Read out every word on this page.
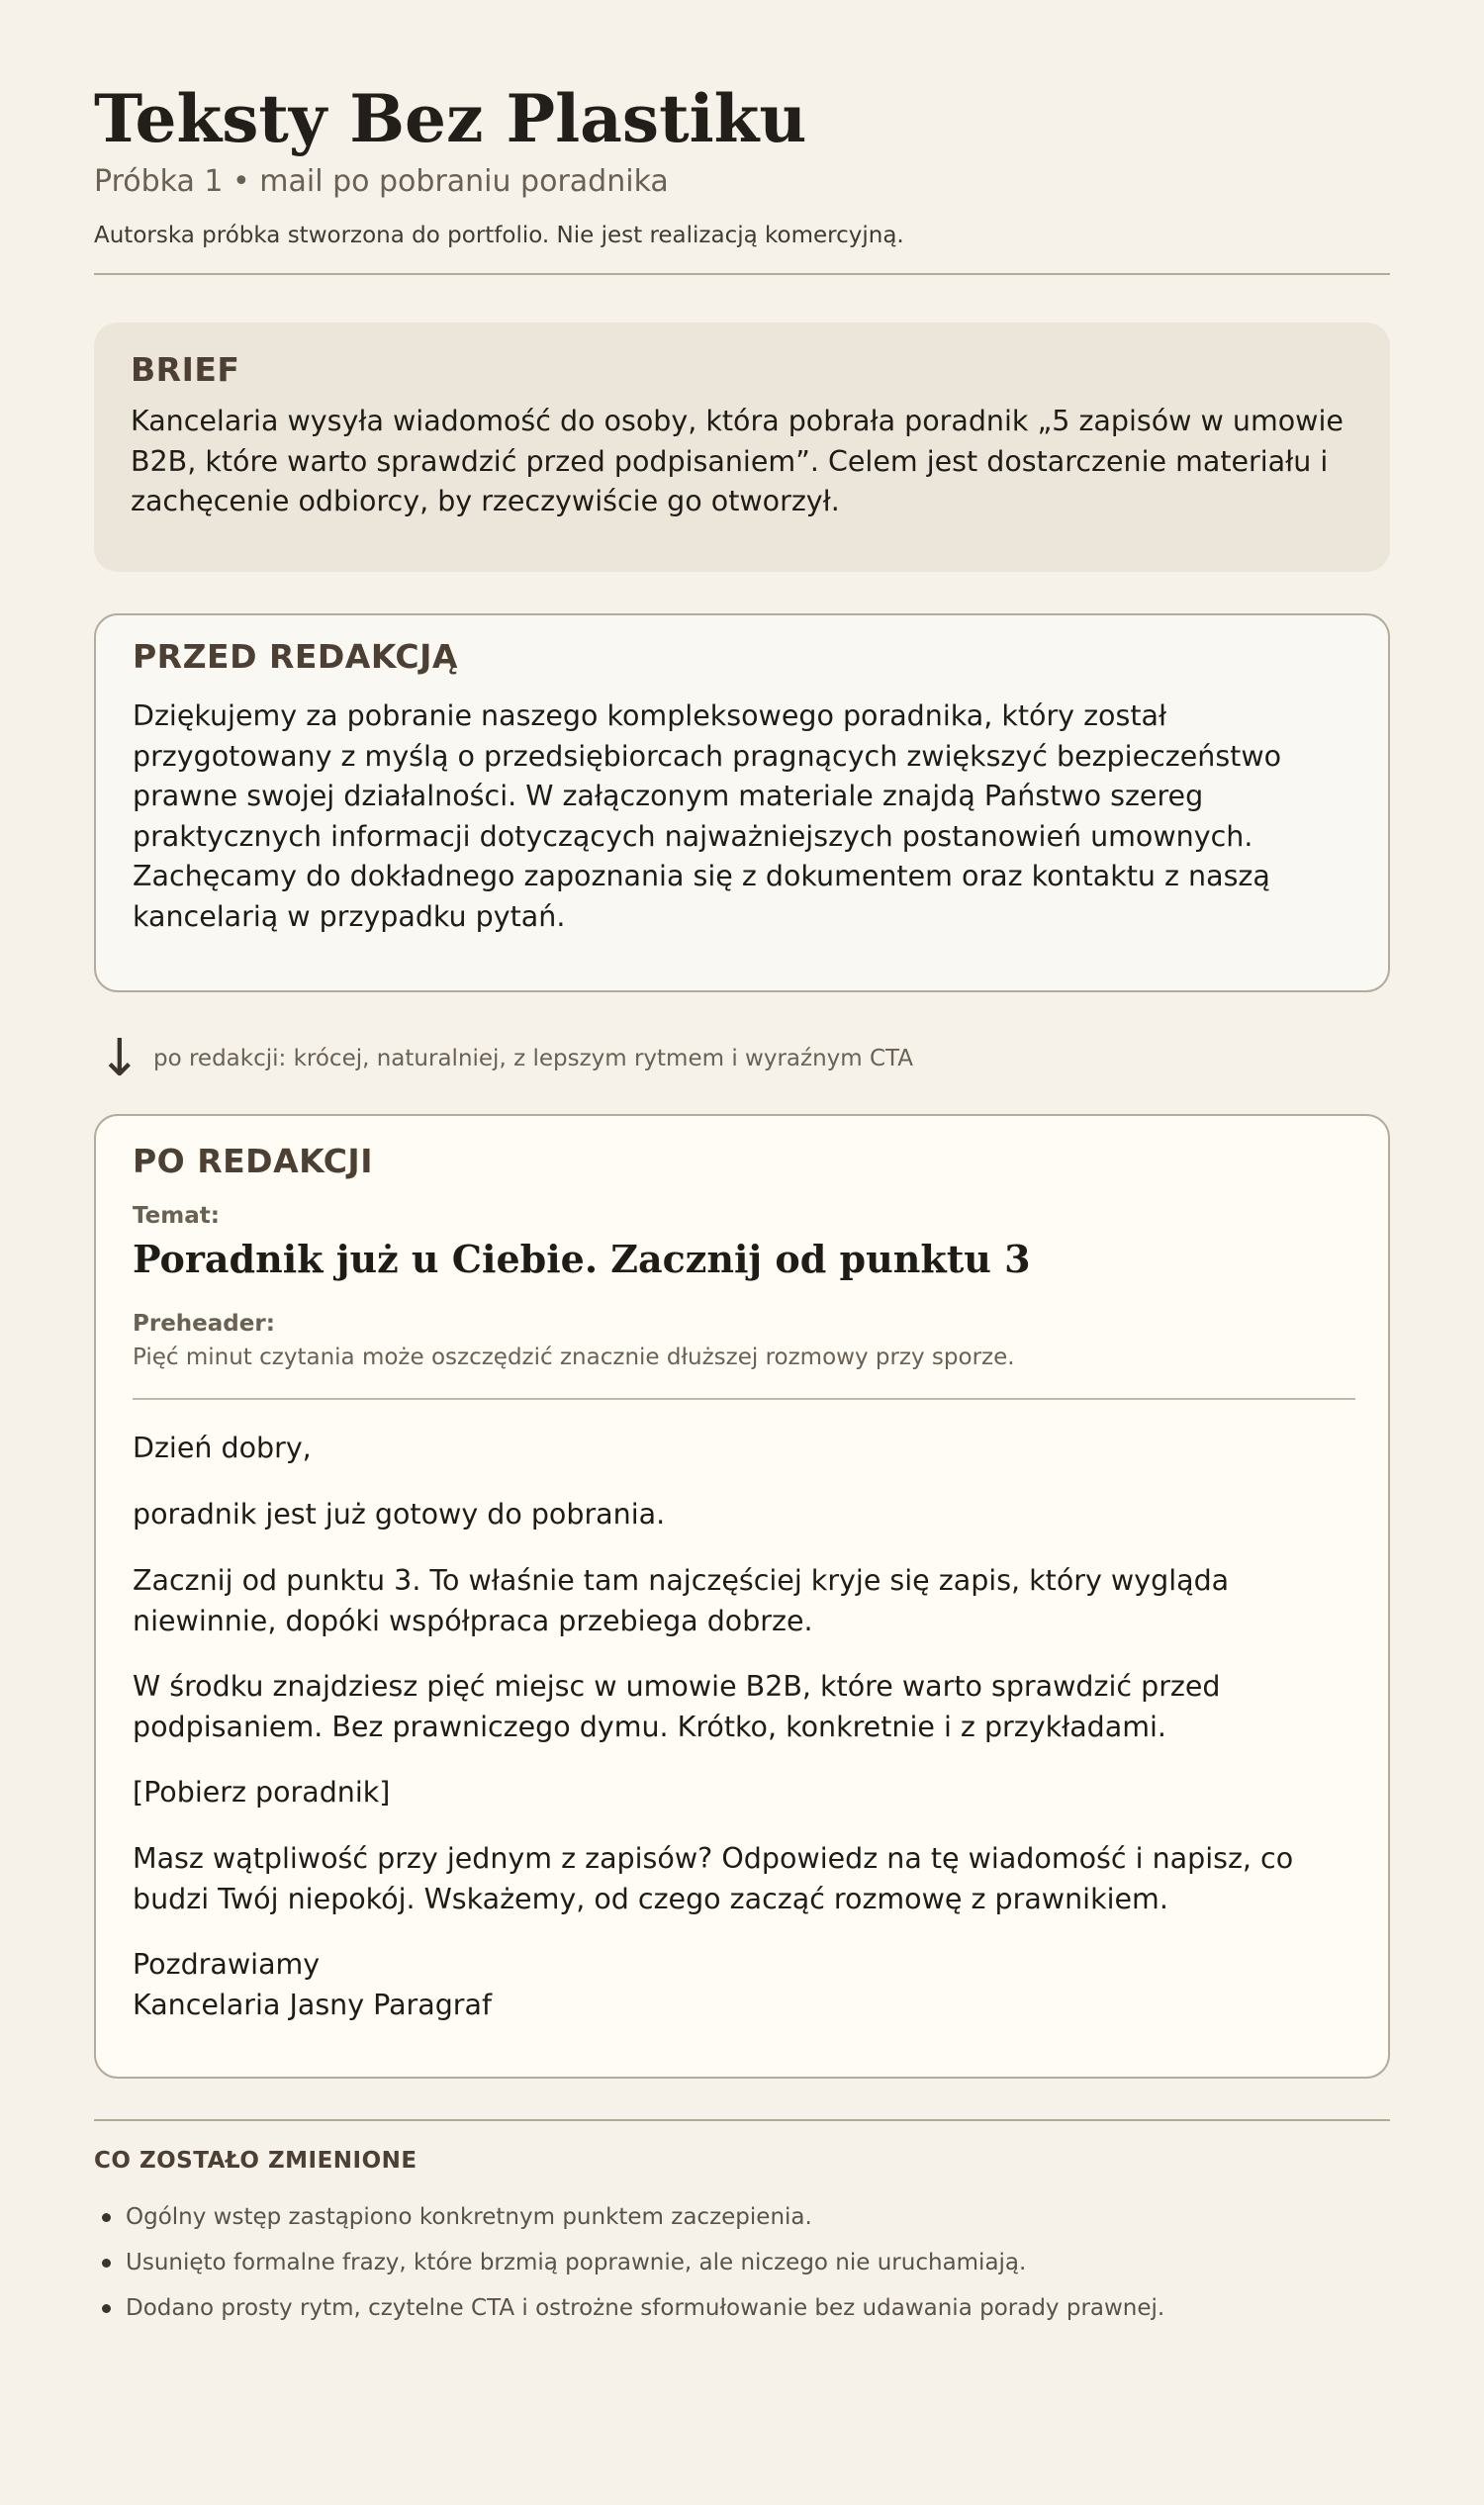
Teksty Bez Plastiku
Próbka 1 • mail po pobraniu poradnika
Autorska próbka stworzona do portfolio. Nie jest realizacją komercyjną.
BRIEF
Kancelaria wysyła wiadomość do osoby, która pobrała poradnik „5 zapisów w umowie B2B, które warto sprawdzić przed podpisaniem”. Celem jest dostarczenie materiału i zachęcenie odbiorcy, by rzeczywiście go otworzył.
PRZED REDAKCJĄ
Dziękujemy za pobranie naszego kompleksowego poradnika, który został przygotowany z myślą o przedsiębiorcach pragnących zwiększyć bezpieczeństwo prawne swojej działalności. W załączonym materiale znajdą Państwo szereg praktycznych informacji dotyczących najważniejszych postanowień umownych. Zachęcamy do dokładnego zapoznania się z dokumentem oraz kontaktu z naszą kancelarią w przypadku pytań.
↓ po redakcji: krócej, naturalniej, z lepszym rytmem i wyraźnym CTA
PO REDAKCJI
Temat:
Poradnik już u Ciebie. Zacznij od punktu 3
Preheader:
Pięć minut czytania może oszczędzić znacznie dłuższej rozmowy przy sporze.
Dzień dobry,
poradnik jest już gotowy do pobrania.
Zacznij od punktu 3. To właśnie tam najczęściej kryje się zapis, który wygląda niewinnie, dopóki współpraca przebiega dobrze.
W środku znajdziesz pięć miejsc w umowie B2B, które warto sprawdzić przed podpisaniem. Bez prawniczego dymu. Krótko, konkretnie i z przykładami.
[Pobierz poradnik]
Masz wątpliwość przy jednym z zapisów? Odpowiedz na tę wiadomość i napisz, co budzi Twój niepokój. Wskażemy, od czego zacząć rozmowę z prawnikiem.
Pozdrawiamy
Kancelaria Jasny Paragraf
CO ZOSTAŁO ZMIENIONE
Ogólny wstęp zastąpiono konkretnym punktem zaczepienia.
Usunięto formalne frazy, które brzmią poprawnie, ale niczego nie uruchamiają.
Dodano prosty rytm, czytelne CTA i ostrożne sformułowanie bez udawania porady prawnej.
